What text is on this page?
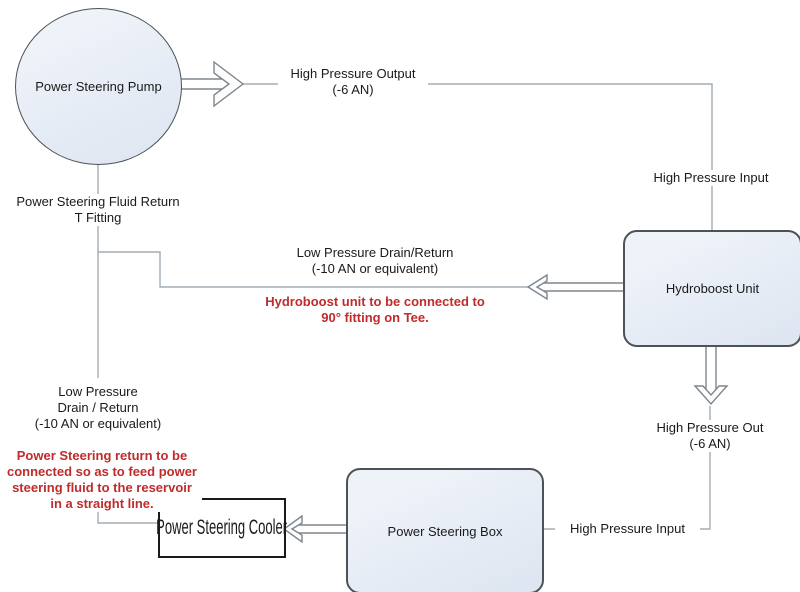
Power Steering Pump
Hydroboost Unit
Power Steering Box
Power Steering Cooler
High Pressure Output
(-6 AN)
High Pressure Input
Power Steering Fluid Return
T Fitting
Low Pressure Drain/Return
(-10 AN or equivalent)
Hydroboost unit to be connected to
90° fitting on Tee.
Low Pressure
Drain / Return
(-10 AN or equivalent)
Power Steering return to be
connected so as to feed power
steering fluid to the reservoir
in a straight line.
High Pressure Out
(-6 AN)
High Pressure Input
